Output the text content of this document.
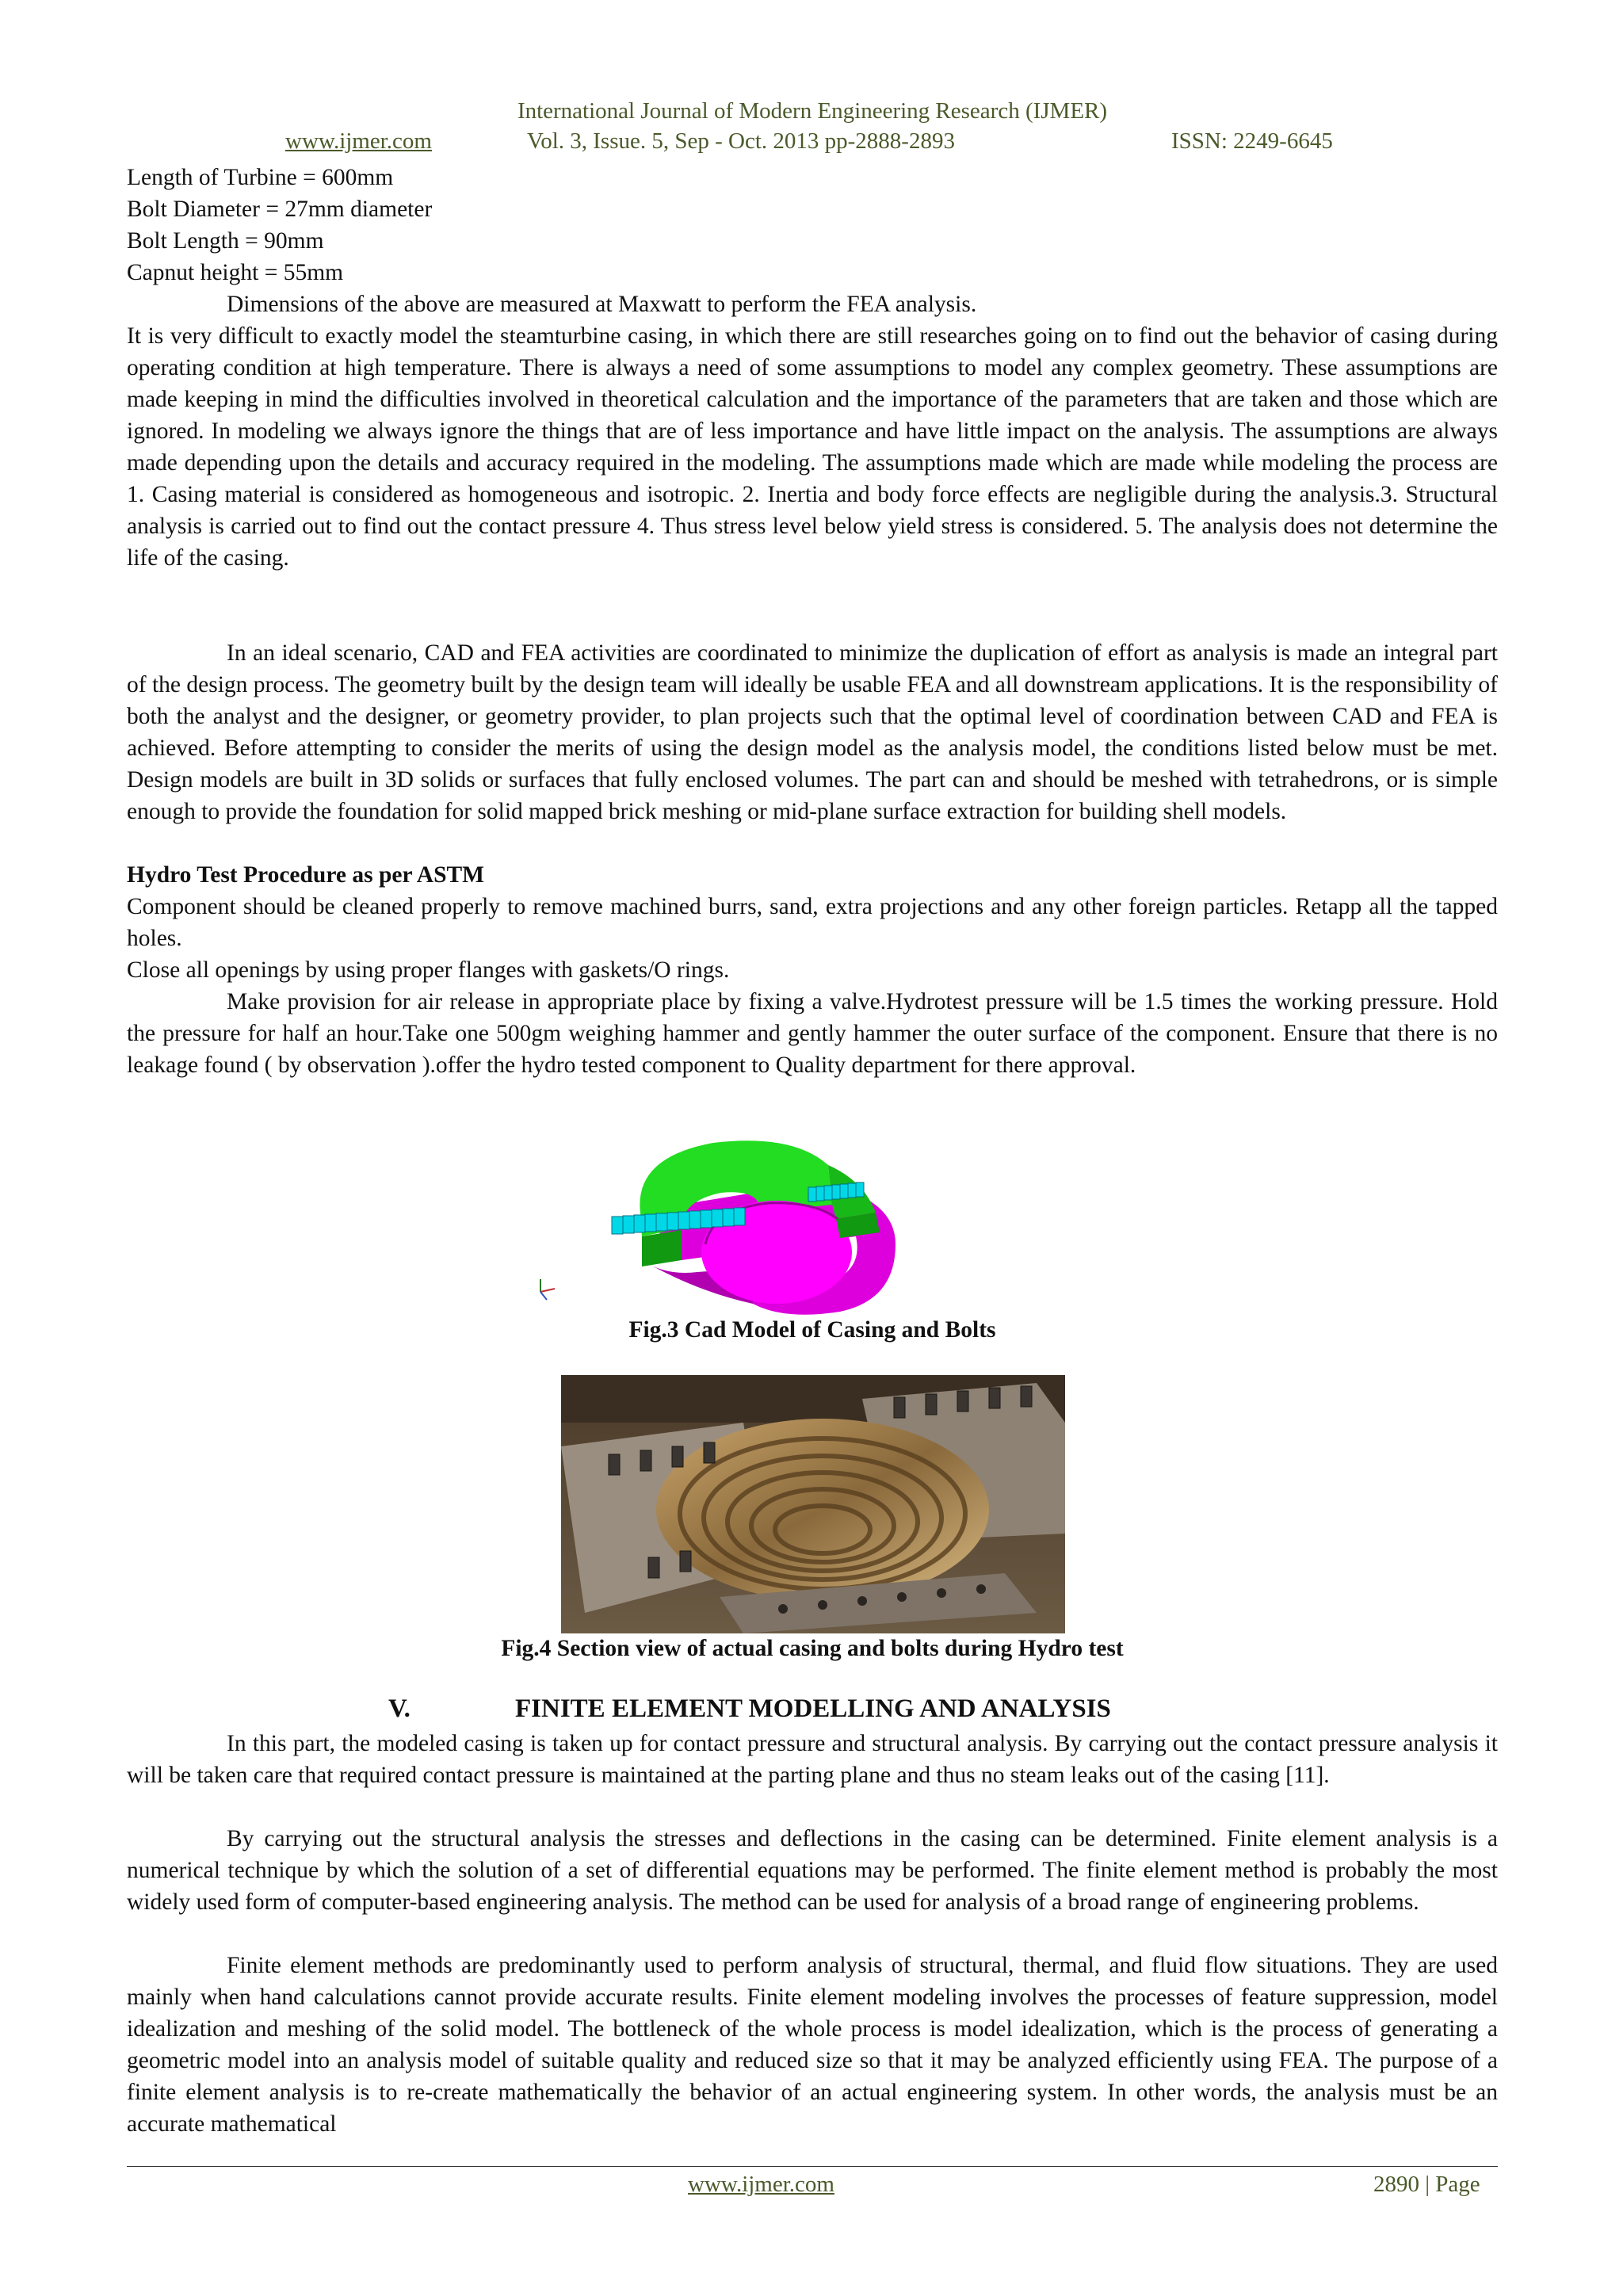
International Journal of Modern Engineering Research (IJMER)
www.ijmer.com	Vol. 3, Issue. 5, Sep - Oct. 2013 pp-2888-2893	ISSN: 2249-6645
Length of Turbine = 600mm
Bolt Diameter = 27mm diameter
Bolt Length = 90mm
Capnut height = 55mm
Dimensions of the above are measured at Maxwatt to perform the FEA analysis.
It is very difficult to exactly model the steamturbine casing, in which there are still researches going on to find out the behavior of casing during operating condition at high temperature. There is always a need of some assumptions to model any complex geometry. These assumptions are made keeping in mind the difficulties involved in theoretical calculation and the importance of the parameters that are taken and those which are ignored. In modeling we always ignore the things that are of less importance and have little impact on the analysis. The assumptions are always made depending upon the details and accuracy required in the modeling. The assumptions made which are made while modeling the process are 1. Casing material is considered as homogeneous and isotropic. 2. Inertia and body force effects are negligible during the analysis.3. Structural analysis is carried out to find out the contact pressure 4. Thus stress level below yield stress is considered. 5. The analysis does not determine the life of the casing.
In an ideal scenario, CAD and FEA activities are coordinated to minimize the duplication of effort as analysis is made an integral part of the design process. The geometry built by the design team will ideally be usable FEA and all downstream applications. It is the responsibility of both the analyst and the designer, or geometry provider, to plan projects such that the optimal level of coordination between CAD and FEA is achieved. Before attempting to consider the merits of using the design model as the analysis model, the conditions listed below must be met. Design models are built in 3D solids or surfaces that fully enclosed volumes. The part can and should be meshed with tetrahedrons, or is simple enough to provide the foundation for solid mapped brick meshing or mid-plane surface extraction for building shell models.
Hydro Test Procedure as per ASTM
Component should be cleaned properly to remove machined burrs, sand, extra projections and any other foreign particles. Retapp all the tapped holes.
Close all openings by using proper flanges with gaskets/O rings.
Make provision for air release in appropriate place by fixing a valve.Hydrotest pressure will be 1.5 times the working pressure. Hold the pressure for half an hour.Take one 500gm weighing hammer and gently hammer the outer surface of the component. Ensure that there is no leakage found ( by observation ).offer the hydro tested component to Quality department for there approval.
Fig.3 Cad Model of Casing and Bolts
Fig.4 Section view of actual casing and bolts during Hydro test
V.	FINITE ELEMENT MODELLING AND ANALYSIS
In this part, the modeled casing is taken up for contact pressure and structural analysis. By carrying out the contact pressure analysis it will be taken care that required contact pressure is maintained at the parting plane and thus no steam leaks out of the casing [11].
By carrying out the structural analysis the stresses and deflections in the casing can be determined. Finite element analysis is a numerical technique by which the solution of a set of differential equations may be performed. The finite element method is probably the most widely used form of computer-based engineering analysis. The method can be used for analysis of a broad range of engineering problems.
Finite element methods are predominantly used to perform analysis of structural, thermal, and fluid flow situations. They are used mainly when hand calculations cannot provide accurate results. Finite element modeling involves the processes of feature suppression, model idealization and meshing of the solid model. The bottleneck of the whole process is model idealization, which is the process of generating a geometric model into an analysis model of suitable quality and reduced size so that it may be analyzed efficiently using FEA. The purpose of a finite element analysis is to re-create mathematically the behavior of an actual engineering system. In other words, the analysis must be an accurate mathematical
www.ijmer.com	2890 | Page
